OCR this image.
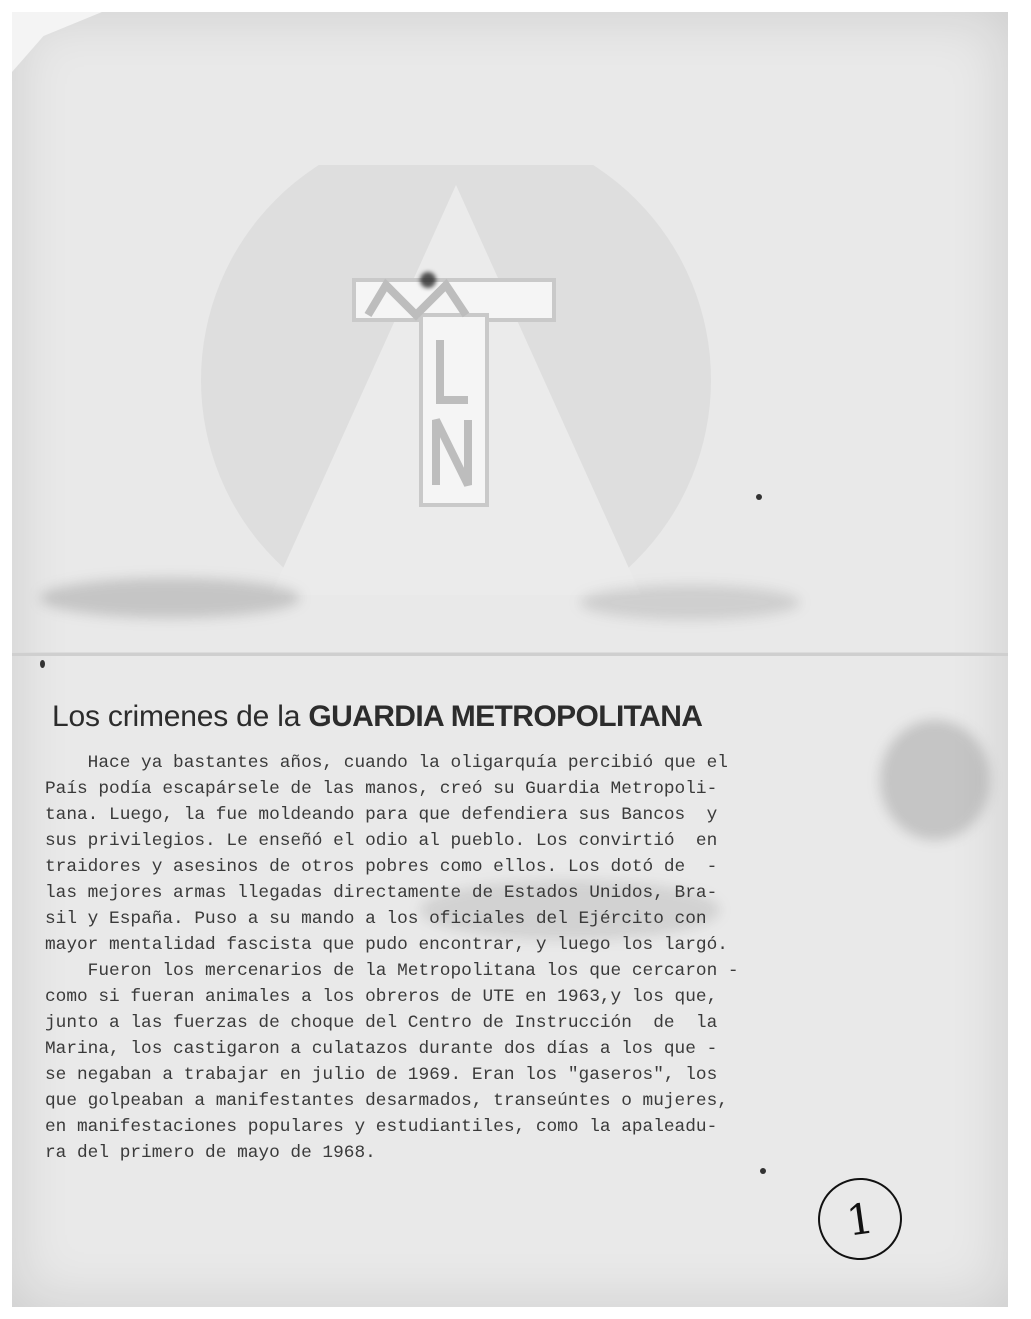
Los crimenes de la GUARDIA METROPOLITANA
Hace ya bastantes años, cuando la oligarquía percibió que el
País podía escapársele de las manos, creó su Guardia Metropoli-
tana. Luego, la fue moldeando para que defendiera sus Bancos  y
sus privilegios. Le enseñó el odio al pueblo. Los convirtió  en
traidores y asesinos de otros pobres como ellos. Los dotó de  -
las mejores armas llegadas directamente de Estados Unidos, Bra-
sil y España. Puso a su mando a los oficiales del Ejército con
mayor mentalidad fascista que pudo encontrar, y luego los largó.
Fueron los mercenarios de la Metropolitana los que cercaron -
como si fueran animales a los obreros de UTE en 1963,y los que,
junto a las fuerzas de choque del Centro de Instrucción  de  la
Marina, los castigaron a culatazos durante dos días a los que -
se negaban a trabajar en julio de 1969. Eran los "gaseros", los
que golpeaban a manifestantes desarmados, transeúntes o mujeres,
en manifestaciones populares y estudiantiles, como la apaleadu-
ra del primero de mayo de 1968.
1
